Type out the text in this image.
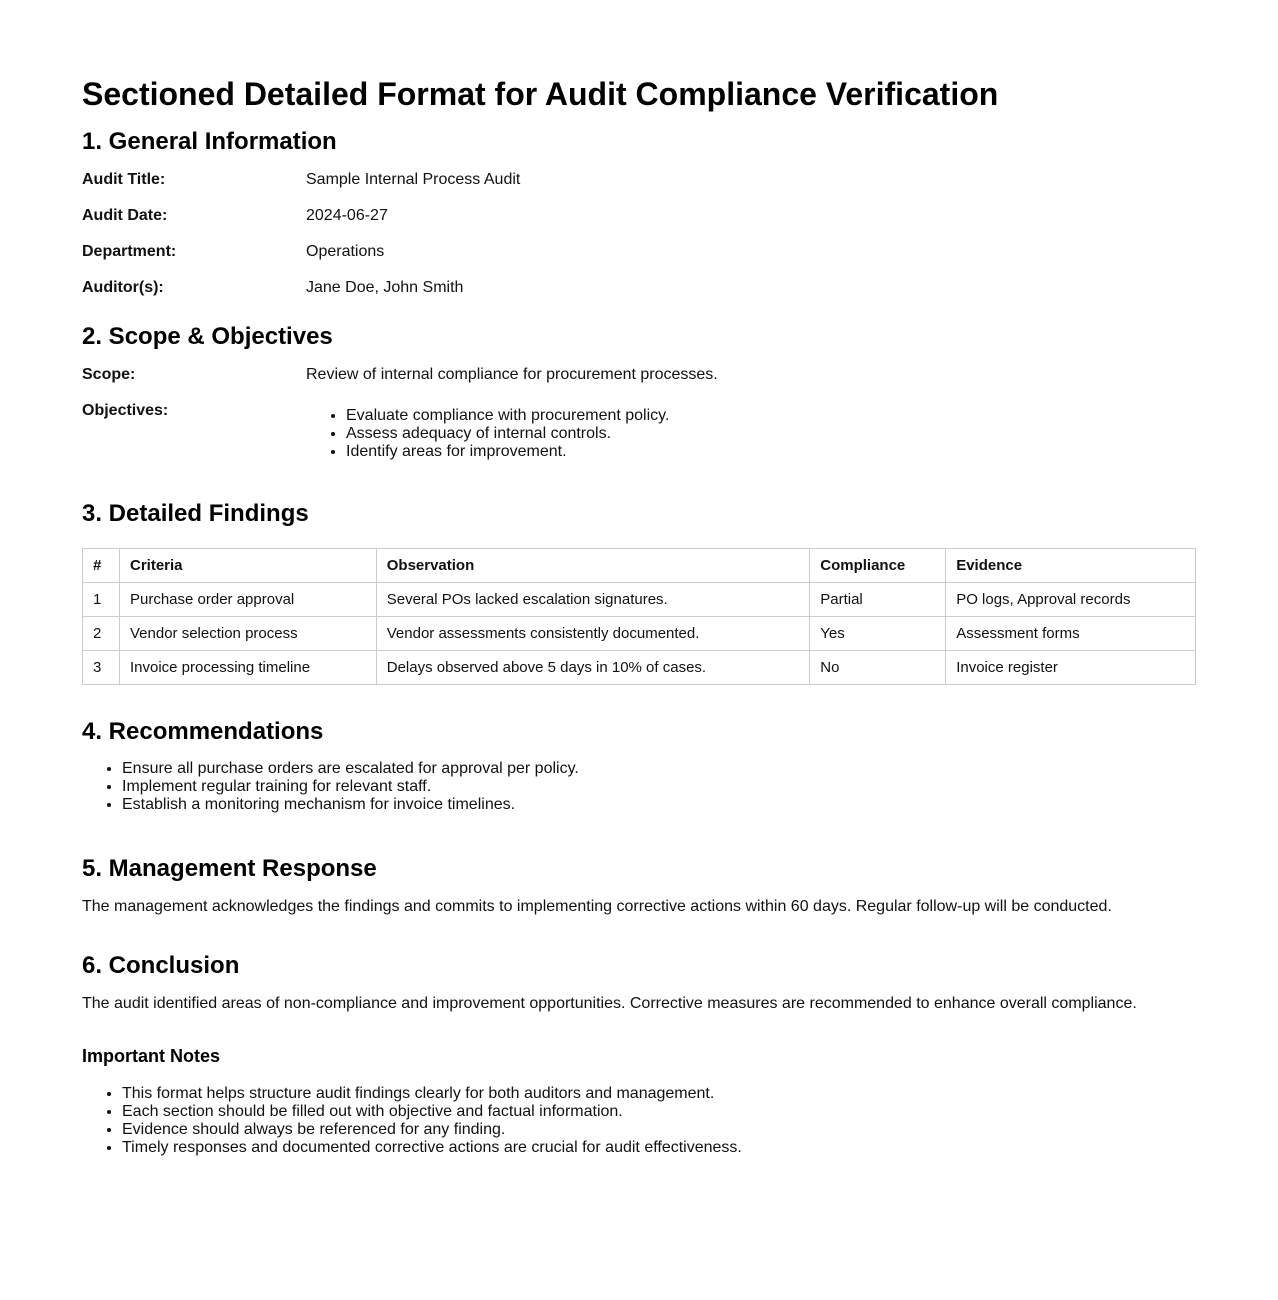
Sectioned Detailed Format for Audit Compliance Verification
1. General Information
Audit Title:	Sample Internal Process Audit
Audit Date:	2024-06-27
Department:	Operations
Auditor(s):	Jane Doe, John Smith
2. Scope & Objectives
Scope:	Review of internal compliance for procurement processes.
Objectives:	• Evaluate compliance with procurement policy.
• Assess adequacy of internal controls.
• Identify areas for improvement.
3. Detailed Findings
#	Criteria	Observation	Compliance	Evidence
1	Purchase order approval	Several POs lacked escalation signatures.	Partial	PO logs, Approval records
2	Vendor selection process	Vendor assessments consistently documented.	Yes	Assessment forms
3	Invoice processing timeline	Delays observed above 5 days in 10% of cases.	No	Invoice register
4. Recommendations
• Ensure all purchase orders are escalated for approval per policy.
• Implement regular training for relevant staff.
• Establish a monitoring mechanism for invoice timelines.
5. Management Response

The management acknowledges the findings and commits to implementing corrective actions within 60 days. Regular follow-up will be conducted.

6. Conclusion

The audit identified areas of non-compliance and improvement opportunities. Corrective measures are recommended to enhance overall compliance.

Important Notes
• This format helps structure audit findings clearly for both auditors and management.
• Each section should be filled out with objective and factual information.
• Evidence should always be referenced for any finding.
• Timely responses and documented corrective actions are crucial for audit effectiveness.
